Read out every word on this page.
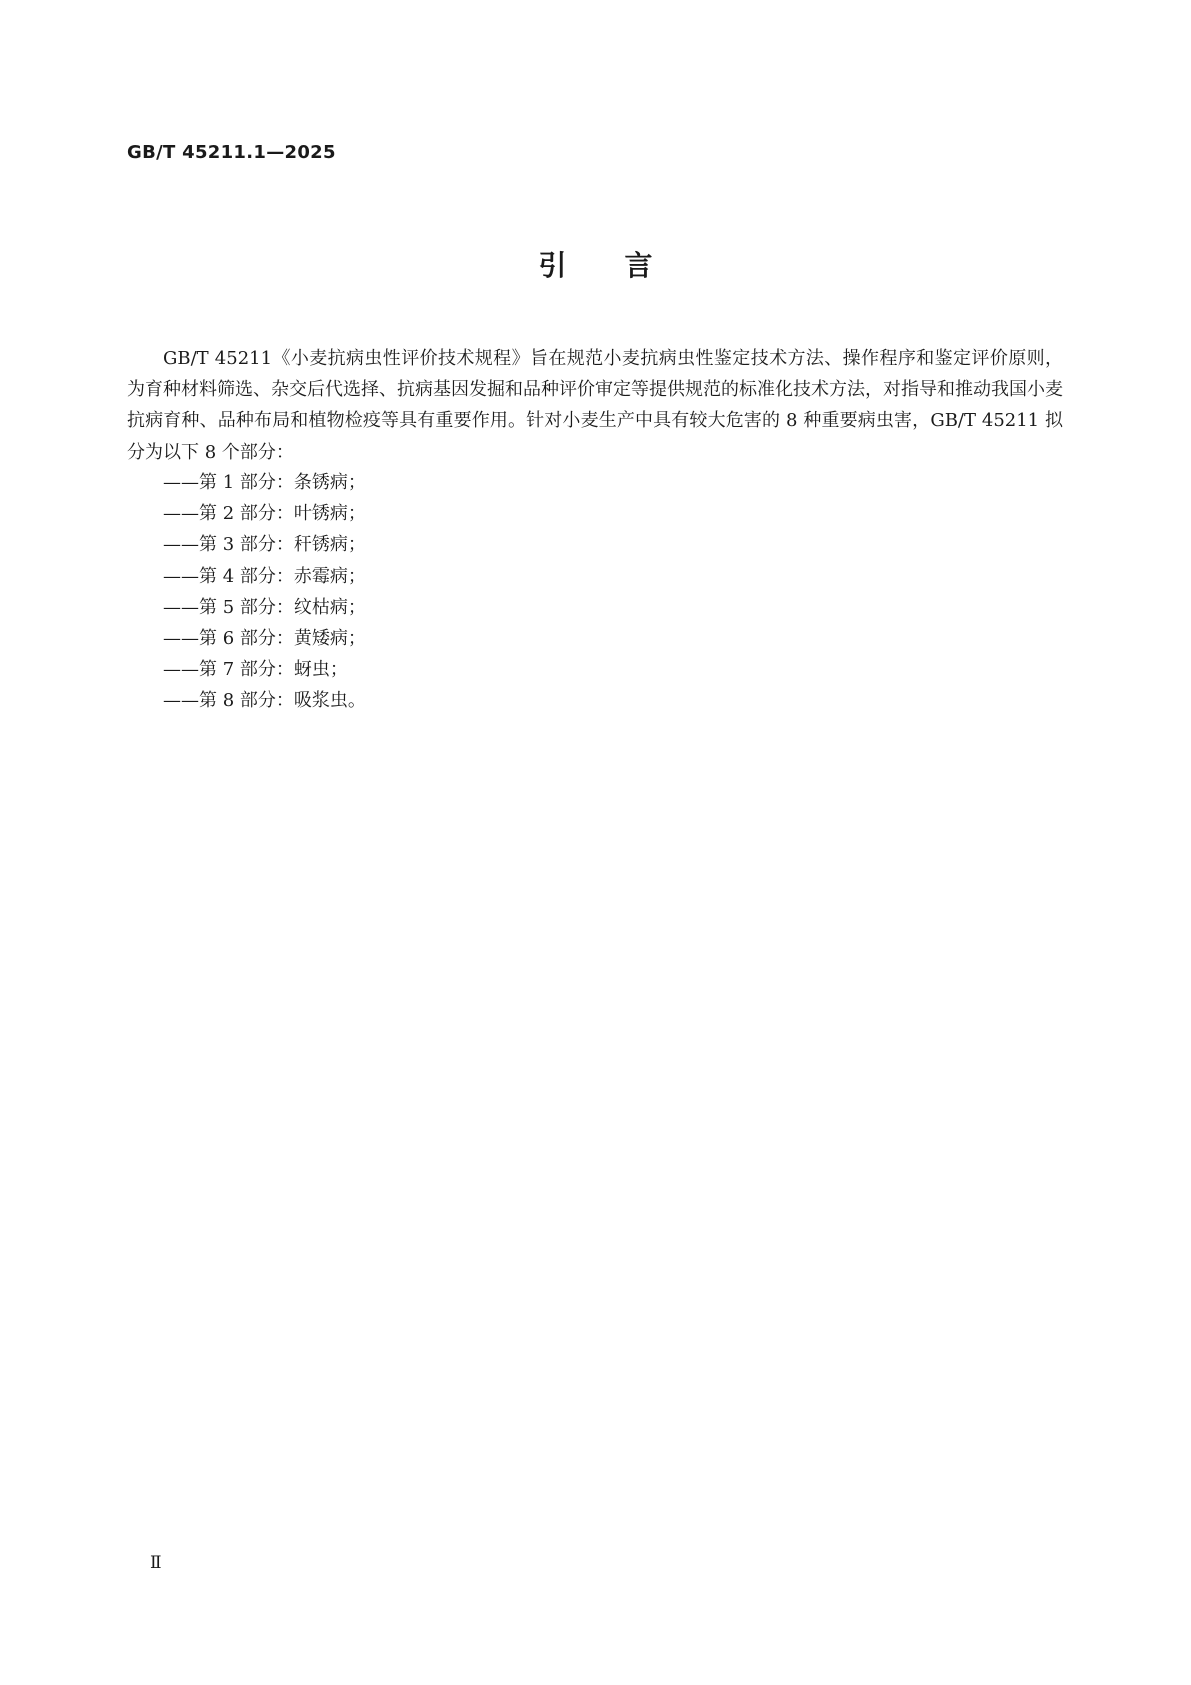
GB/T 45211.1—2025
引言

GB/T 45211《小麦抗病虫性评价技术规程》旨在规范小麦抗病虫性鉴定技术方法、操作程序和鉴定评价原则，为育种材料筛选、杂交后代选择、抗病基因发掘和品种评价审定等提供规范的标准化技术方法，对指导和推动我国小麦抗病育种、品种布局和植物检疫等具有重要作用。针对小麦生产中具有较大危害的 8 种重要病虫害，GB/T 45211 拟分为以下 8 个部分：

——第 1 部分：条锈病；
——第 2 部分：叶锈病；
——第 3 部分：秆锈病；
——第 4 部分：赤霉病；
——第 5 部分：纹枯病；
——第 6 部分：黄矮病；
——第 7 部分：蚜虫；
——第 8 部分：吸浆虫。
Ⅱ
